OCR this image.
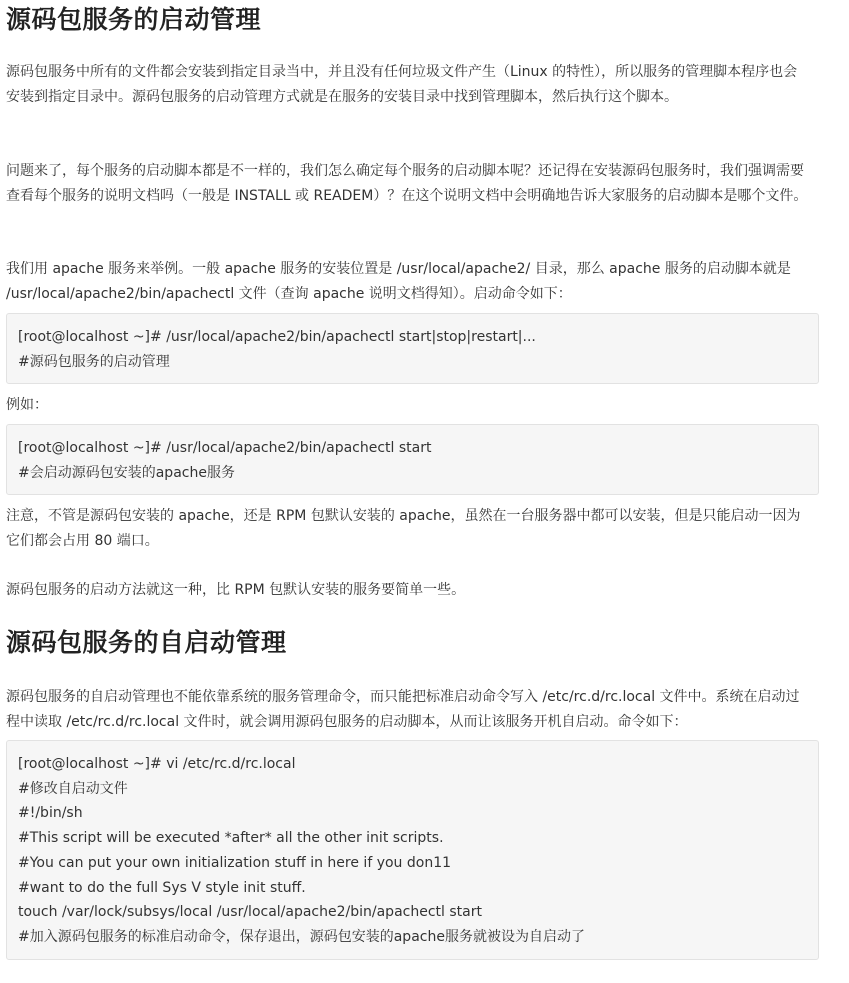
源码包服务的启动管理

源码包服务中所有的文件都会安装到指定目录当中，并且没有任何垃圾文件产生（Linux 的特性），所以服务的管理脚本程序也会安装到指定目录中。源码包服务的启动管理方式就是在服务的安装目录中找到管理脚本，然后执行这个脚本。

问题来了，每个服务的启动脚本都是不一样的，我们怎么确定每个服务的启动脚本呢？还记得在安装源码包服务时，我们强调需要查看每个服务的说明文档吗（一般是 INSTALL 或 READEM）？在这个说明文档中会明确地告诉大家服务的启动脚本是哪个文件。

我们用 apache 服务来举例。一般 apache 服务的安装位置是 /usr/local/apache2/ 目录，那么 apache 服务的启动脚本就是 /usr/local/apache2/bin/apachectl 文件（查询 apache 说明文档得知）。启动命令如下：

[root@localhost ~]# /usr/local/apache2/bin/apachectl start|stop|restart|...
#源码包服务的启动管理

例如：

[root@localhost ~]# /usr/local/apache2/bin/apachectl start
#会启动源码包安装的apache服务

注意，不管是源码包安装的 apache，还是 RPM 包默认安装的 apache，虽然在一台服务器中都可以安装，但是只能启动一因为它们都会占用 80 端口。

源码包服务的启动方法就这一种，比 RPM 包默认安装的服务要简单一些。

源码包服务的自启动管理

源码包服务的自启动管理也不能依靠系统的服务管理命令，而只能把标准启动命令写入 /etc/rc.d/rc.local 文件中。系统在启动过程中读取 /etc/rc.d/rc.local 文件时，就会调用源码包服务的启动脚本，从而让该服务开机自启动。命令如下：

[root@localhost ~]# vi /etc/rc.d/rc.local
#修改自启动文件
#!/bin/sh
#This script will be executed *after* all the other init scripts.
#You can put your own initialization stuff in here if you don11
#want to do the full Sys V style init stuff.
touch /var/lock/subsys/local /usr/local/apache2/bin/apachectl start
#加入源码包服务的标准启动命令，保存退出，源码包安装的apache服务就被设为自启动了
